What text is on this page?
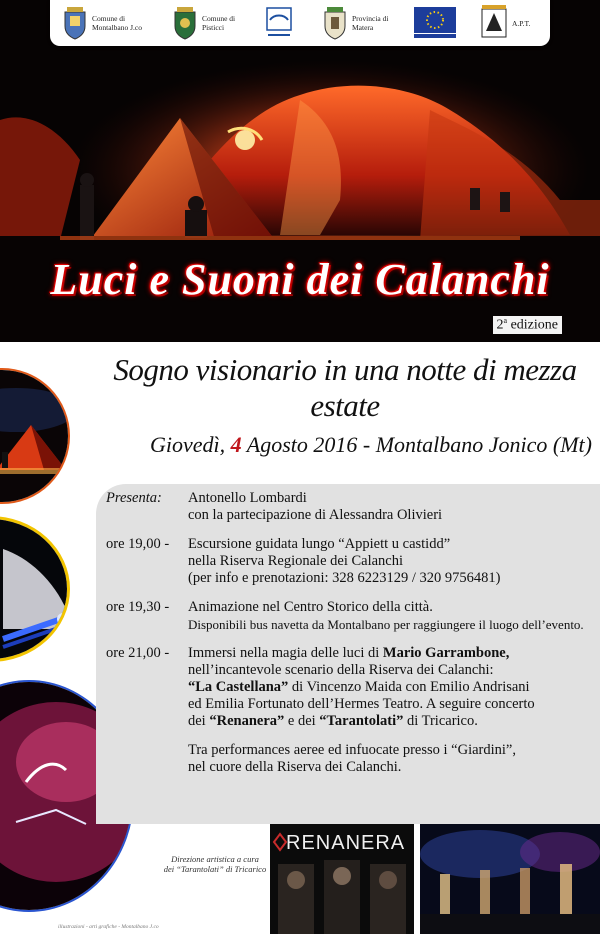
Luci e Suoni dei Calanchi
2$^a$ edizione
Comune di
Montalbano J.co
Comune di
Pisticci
Provincia di
Matera	A.P.T.
Sogno visionario in una notte di mezza estate
Giovedì, 4 Agosto 2016 - Montalbano Jonico (Mt)
Presenta:	Antonello Lombardi
con la partecipazione di Alessandra Olivieri
ore 19,00 -	Escursione guidata lungo “Appiett u castidd”
nella Riserva Regionale dei Calanchi
(per info e prenotazioni: 328 6223129 / 320 9756481)
ore 19,30 -	Animazione nel Centro Storico della città.
Disponibili bus navetta da Montalbano per raggiungere il luogo dell’evento.
ore 21,00 -	Immersi nella magia delle luci di Mario Garrambone,
nell’incantevole scenario della Riserva dei Calanchi:
“La Castellana” di Vincenzo Maida con Emilio Andrisani
ed Emilia Fortunato dell’Hermes Teatro. A seguire concerto
dei “Renanera” e dei “Tarantolati” di Tricarico.
Tra performances aeree ed infuocate presso i “Giardini”,
nel cuore della Riserva dei Calanchi.
Direzione artistica a cura
dei “Tarantolati” di Tricarico
RENANERA
illustrazioni - arti grafiche - Montalbano J.co
